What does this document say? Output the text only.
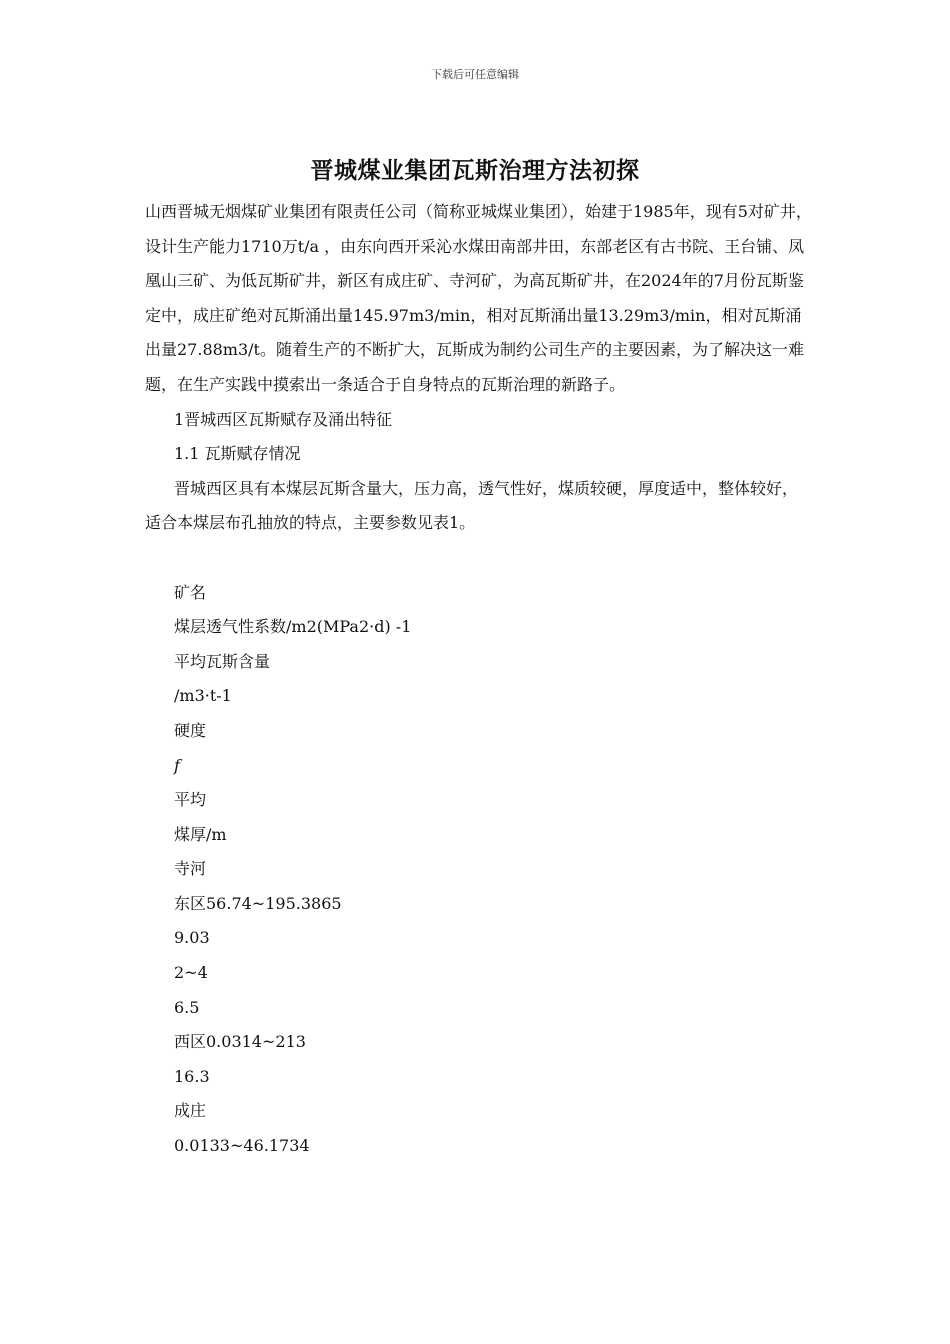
下载后可任意编辑
晋城煤业集团瓦斯治理方法初探

山西晋城无烟煤矿业集团有限责任公司（简称亚城煤业集团），始建于1985年，现有5对矿井，设计生产能力1710万t/a ，由东向西开采沁水煤田南部井田，东部老区有古书院、王台铺、凤凰山三矿、为低瓦斯矿井，新区有成庄矿、寺河矿，为高瓦斯矿井，在2024年的7月份瓦斯鉴定中，成庄矿绝对瓦斯涌出量145.97m3/min，相对瓦斯涌出量13.29m3/min，相对瓦斯涌出量27.88m3/t。随着生产的不断扩大，瓦斯成为制约公司生产的主要因素，为了解决这一难题，在生产实践中摸索出一条适合于自身特点的瓦斯治理的新路子。

1晋城西区瓦斯赋存及涌出特征

1.1 瓦斯赋存情况

晋城西区具有本煤层瓦斯含量大，压力高，透气性好，煤质较硬，厚度适中，整体较好，适合本煤层布孔抽放的特点，主要参数见表1。

矿名

煤层透气性系数/m2(MPa2·d) -1

平均瓦斯含量

/m3·t-1

硬度

f

平均

煤厚/m

寺河

东区56.74~195.3865

9.03

2~4

6.5

西区0.0314~213

16.3

成庄

0.0133~46.1734
